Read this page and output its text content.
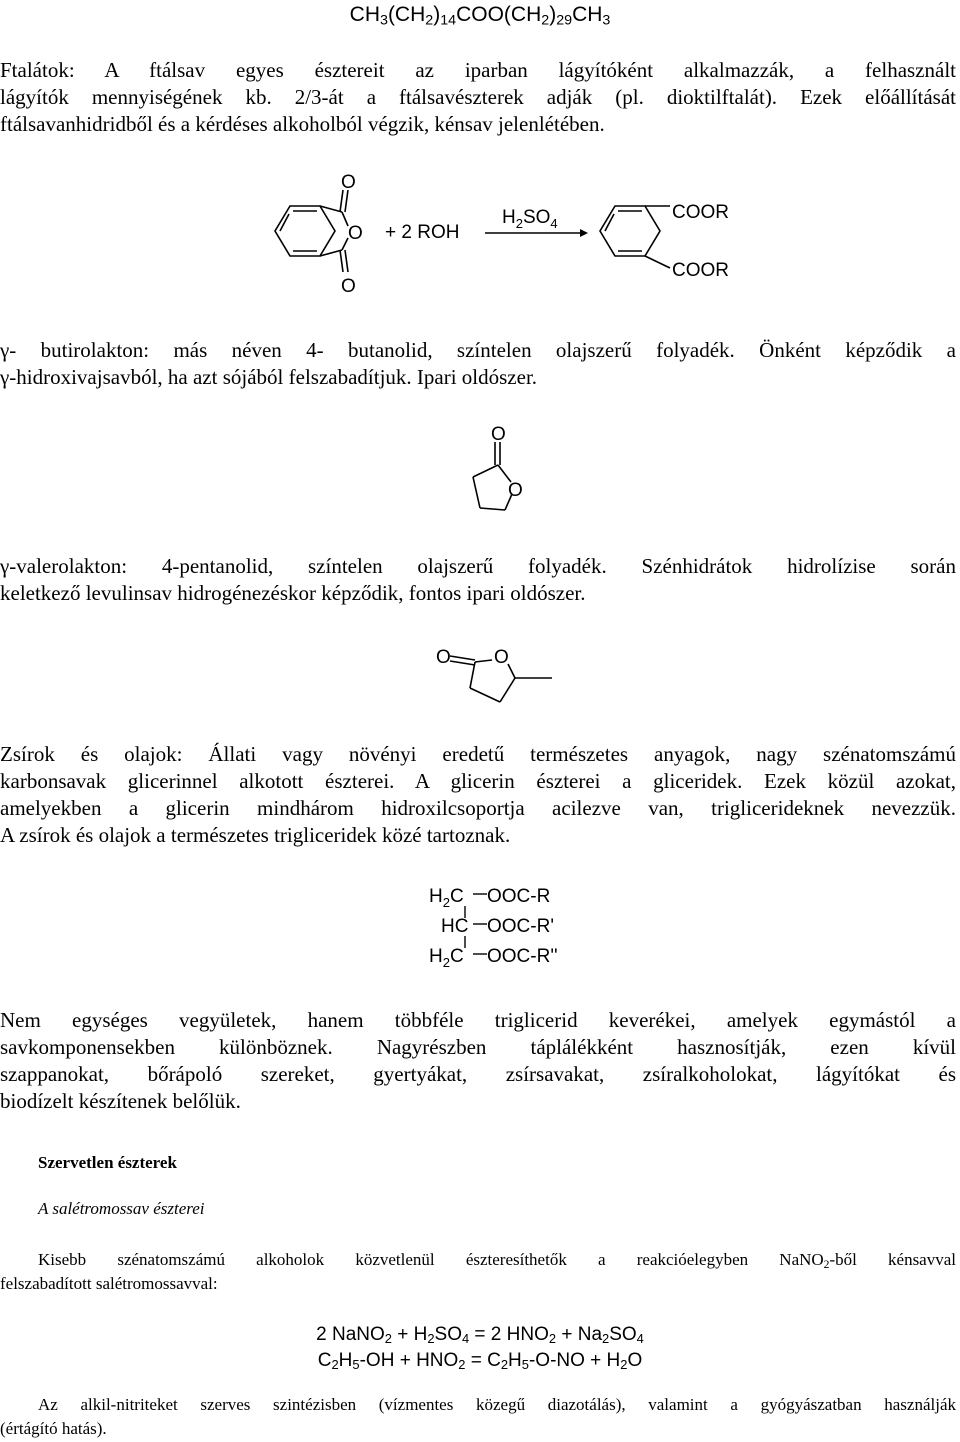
$CH_3(CH_2)_{14}COO(CH_2)_{29}CH_3$
Ftalátok: A ftálsav egyes észtereit az iparban lágyítóként alkalmazzák, a felhasznált
lágyítók mennyiségének kb. 2/3-át a ftálsavészterek adják (pl. dioktilftalát). Ezek előállítását
ftálsavanhidridből és a kérdéses alkoholból végzik, kénsav jelenlétében.
O
O
O
+ 2 ROH
$H_2SO_4$
COOR
COOR
γ- butirolakton: más néven 4- butanolid, színtelen olajszerű folyadék. Önként képződik a
γ-hidroxivajsavból, ha azt sójából felszabadítjuk. Ipari oldószer.
O
O
γ-valerolakton: 4-pentanolid, színtelen olajszerű folyadék. Szénhidrátok hidrolízise során
keletkező levulinsav hidrogénezéskor képződik, fontos ipari oldószer.
O O
Zsírok és olajok: Állati vagy növényi eredetű természetes anyagok, nagy szénatomszámú
karbonsavak glicerinnel alkotott észterei. A glicerin észterei a gliceridek. Ezek közül azokat,
amelyekben a glicerin mindhárom hidroxilcsoportja acilezve van, triglicerideknek nevezzük.
A zsírok és olajok a természetes trigliceridek közé tartoznak.
$H_2C$ OOC-R
HC OOC-R'
$H_2C$ OOC-R''
Nem egységes vegyületek, hanem többféle triglicerid keverékei, amelyek egymástól a
savkomponensekben különböznek. Nagyrészben táplálékként hasznosítják, ezen kívül
szappanokat, bőrápoló szereket, gyertyákat, zsírsavakat, zsíralkoholokat, lágyítókat és
biodízelt készítenek belőlük.
Szervetlen észterek
A salétromossav észterei
Kisebb szénatomszámú alkoholok közvetlenül észteresíthetők a reakcióelegyben NaNO$_2$-ből kénsavval
felszabadított salétromossavval:
2 NaNO$_2$ + $H_2SO_4 = 2$ $HNO_2 + Na_2SO_4$
$C_2H_5-OH + HNO_2 = C_2H_5-O-NO + H_2O$
Az alkil-nitriteket szerves szintézisben (vízmentes közegű diazotálás), valamint a gyógyászatban használják
(értágító hatás).
